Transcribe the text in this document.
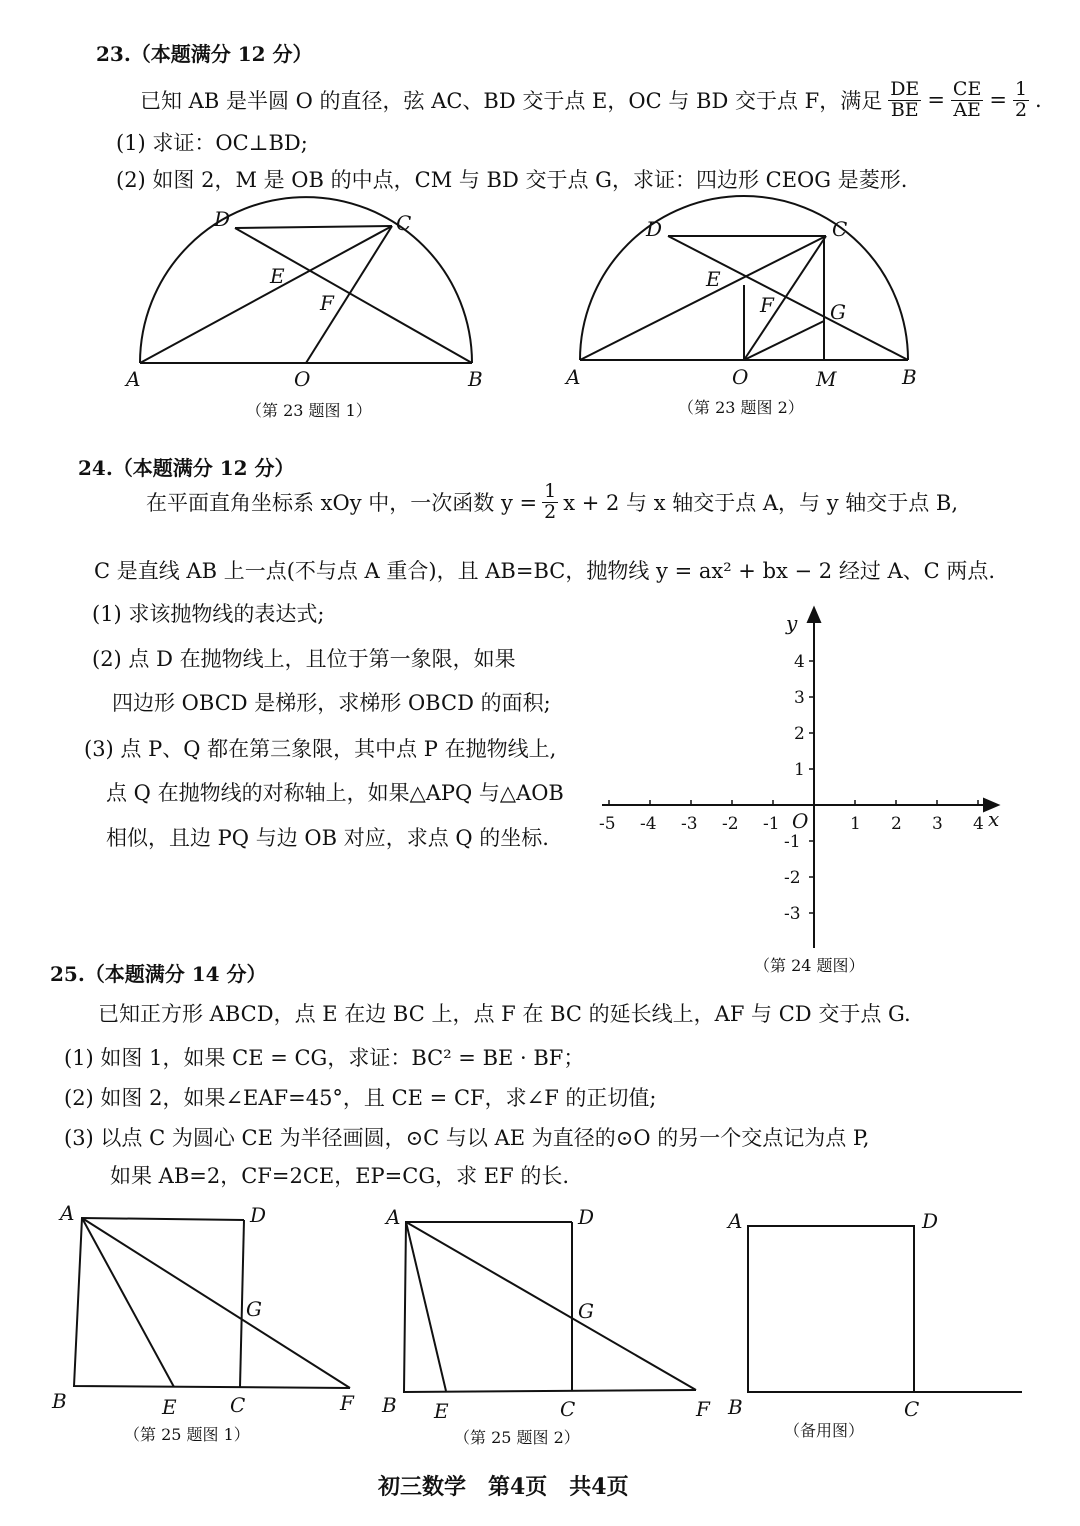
23.（本题满分 12 分）
已知 AB 是半圆 O 的直径，弦 AC、BD 交于点 E，OC 与 BD 交于点 F，满足 $\frac{DE}{BE} = \frac{CE}{AE} = \frac{1}{2}$ .
(1) 求证：OC⊥BD;
(2) 如图 2，M 是 OB 的中点，CM 与 BD 交于点 G，求证：四边形 CEOG 是菱形.
A	B
C
D
E
F
O
（第 23 题图 1）
A	B
C
D
E
F	G
O	M
（第 23 题图 2）
24.（本题满分 12 分）
在平面直角坐标系 xOy 中，一次函数 $y = \frac{1}{2}$ x + 2 与 x 轴交于点 A，与 y 轴交于点 B,
C 是直线 AB 上一点(不与点 A 重合)，且 AB=BC，抛物线 y = ax² + bx − 2 经过 A、C 两点.
(1) 求该抛物线的表达式;
(2) 点 D 在抛物线上，且位于第一象限，如果
四边形 OBCD 是梯形，求梯形 OBCD 的面积;
(3) 点 P、Q 都在第三象限，其中点 P 在抛物线上,
点 Q 在抛物线的对称轴上，如果△APQ 与△AOB
相似，且边 PQ 与边 OB 对应，求点 Q 的坐标.
-5 -4 -3 -2 -1	1 2 3 4
4
3
2
1
-1
-2
-3
x
y
O
（第 24 题图）
25.（本题满分 14 分）
已知正方形 ABCD，点 E 在边 BC 上，点 F 在 BC 的延长线上，AF 与 CD 交于点 G.
(1) 如图 1，如果 CE = CG，求证：BC² = BE · BF；
(2) 如图 2，如果∠EAF=45°，且 CE = CF，求∠F 的正切值;
(3) 以点 C 为圆心 CE 为半径画圆，⊙C 与以 AE 为直径的⊙O 的另一个交点记为点 P,
如果 AB=2，CF=2CE，EP=CG，求 EF 的长.
A
B	C
D
E	F
G
（第 25 题图 1）
A
B	C
D
E	F
G
（第 25 题图 2）
A
B	C
D
（备用图）
初三数学　第4页　共4页
